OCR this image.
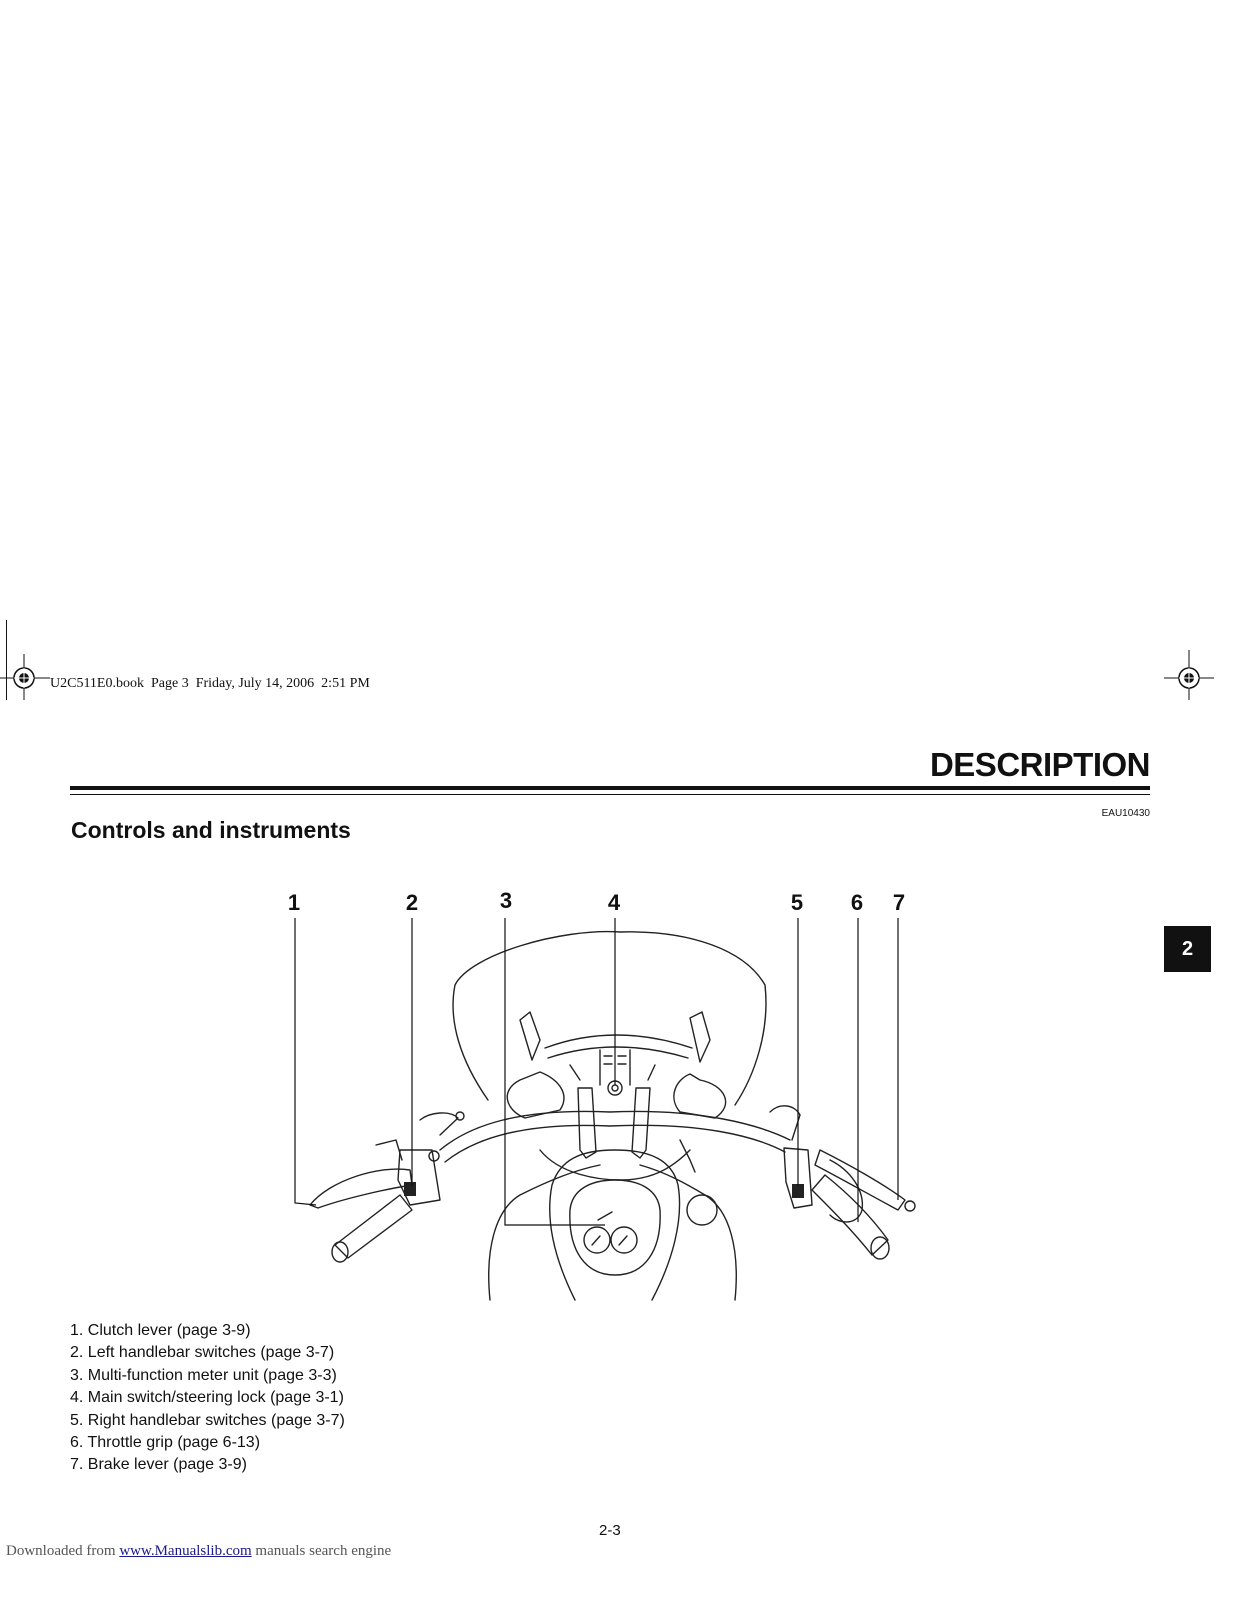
U2C511E0.book  Page 3  Friday, July 14, 2006  2:51 PM
DESCRIPTION
EAU10430
Controls and instruments
2
1	2	3	4	5 6 7
1. Clutch lever (page 3-9)
2. Left handlebar switches (page 3-7)
3. Multi-function meter unit (page 3-3)
4. Main switch/steering lock (page 3-1)
5. Right handlebar switches (page 3-7)
6. Throttle grip (page 6-13)
7. Brake lever (page 3-9)
2-3
Downloaded from www.Manualslib.com manuals search engine
